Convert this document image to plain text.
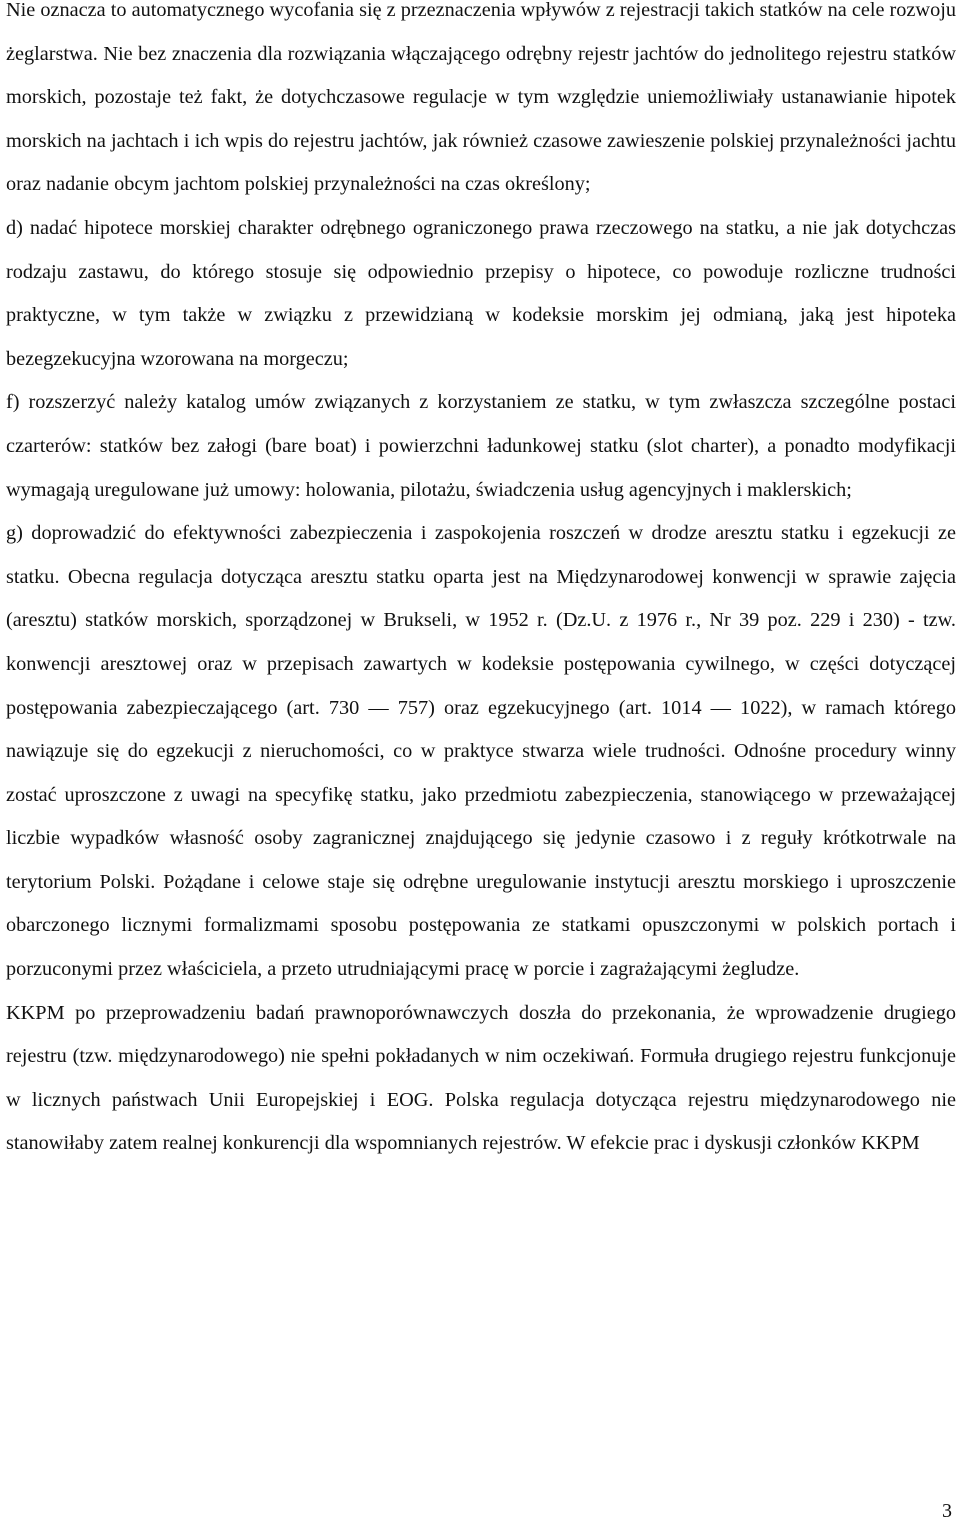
Nie oznacza to automatycznego wycofania się z przeznaczenia wpływów z rejestracji takich statków na cele rozwoju żeglarstwa. Nie bez znaczenia dla rozwiązania włączającego odrębny rejestr jachtów do jednolitego rejestru statków morskich, pozostaje też fakt, że dotychczasowe regulacje w tym względzie uniemożliwiały ustanawianie hipotek morskich na jachtach i ich wpis do rejestru jachtów, jak również czasowe zawieszenie polskiej przynależności jachtu oraz nadanie obcym jachtom polskiej przynależności na czas określony;

d) nadać hipotece morskiej charakter odrębnego ograniczonego prawa rzeczowego na statku, a nie jak dotychczas rodzaju zastawu, do którego stosuje się odpowiednio przepisy o hipotece, co powoduje rozliczne trudności praktyczne, w tym także w związku z przewidzianą w kodeksie morskim jej odmianą, jaką jest hipoteka bezegzekucyjna wzorowana na morgeczu;

f) rozszerzyć należy katalog umów związanych z korzystaniem ze statku, w tym zwłaszcza szczególne postaci czarterów: statków bez załogi (bare boat) i powierzchni ładunkowej statku (slot charter), a ponadto modyfikacji wymagają uregulowane już umowy: holowania, pilotażu, świadczenia usług agencyjnych i maklerskich;

g) doprowadzić do efektywności zabezpieczenia i zaspokojenia roszczeń w drodze aresztu statku i egzekucji ze statku. Obecna regulacja dotycząca aresztu statku oparta jest na Międzynarodowej konwencji w sprawie zajęcia (aresztu) statków morskich, sporządzonej w Brukseli, w 1952 r. (Dz.U. z 1976 r., Nr 39 poz. 229 i 230) - tzw. konwencji aresztowej oraz w przepisach zawartych w kodeksie postępowania cywilnego, w części dotyczącej postępowania zabezpieczającego (art. 730 — 757) oraz egzekucyjnego (art. 1014 — 1022), w ramach którego nawiązuje się do egzekucji z nieruchomości, co w praktyce stwarza wiele trudności. Odnośne procedury winny zostać uproszczone z uwagi na specyfikę statku, jako przedmiotu zabezpieczenia, stanowiącego w przeważającej liczbie wypadków własność osoby zagranicznej znajdującego się jedynie czasowo i z reguły krótkotrwale na terytorium Polski. Pożądane i celowe staje się odrębne uregulowanie instytucji aresztu morskiego i uproszczenie obarczonego licznymi formalizmami sposobu postępowania ze statkami opuszczonymi w polskich portach i porzuconymi przez właściciela, a przeto utrudniającymi pracę w porcie i zagrażającymi żegludze.

KKPM po przeprowadzeniu badań prawnoporównawczych doszła do przekonania, że wprowadzenie drugiego rejestru (tzw. międzynarodowego) nie spełni pokładanych w nim oczekiwań. Formuła drugiego rejestru funkcjonuje w licznych państwach Unii Europejskiej i EOG. Polska regulacja dotycząca rejestru międzynarodowego nie stanowiłaby zatem realnej konkurencji dla wspomnianych rejestrów. W efekcie prac i dyskusji członków KKPM

3
